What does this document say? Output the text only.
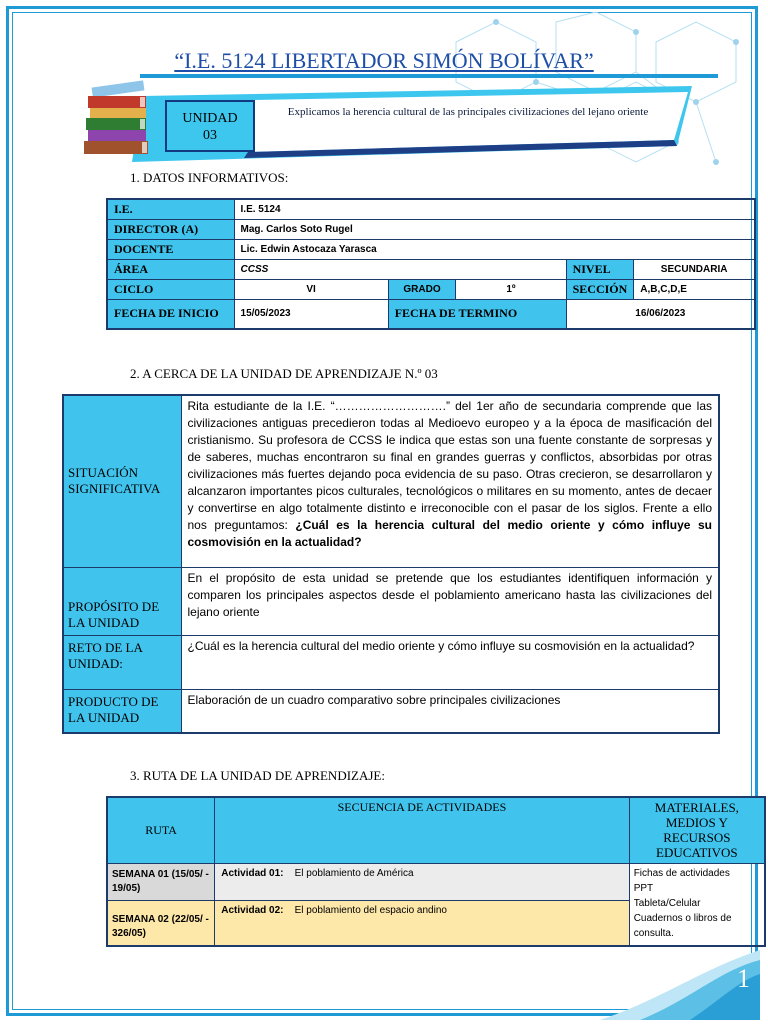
“I.E. 5124 LIBERTADOR SIMÓN BOLÍVAR”
UNIDAD
03
Explicamos la herencia cultural de las principales civilizaciones del lejano oriente
1. DATOS INFORMATIVOS:
I.E.	I.E. 5124				
DIRECTOR (A)	Mag. Carlos Soto Rugel				
DOCENTE	Lic. Edwin Astocaza Yarasca				
ÁREA	CCSS			NIVEL	SECUNDARIA
CICLO	VI	GRADO	1º	SECCIÓN	A,B,C,D,E
FECHA DE INICIO	15/05/2023	FECHA DE TERMINO		16/06/2023	
2. A CERCA DE LA UNIDAD DE APRENDIZAJE N.º 03
SITUACIÓN SIGNIFICATIVA	Rita estudiante de la I.E. “……………………….” del 1er año de secundaria comprende que las civilizaciones antiguas precedieron todas al Medioevo europeo y a la época de masificación del cristianismo. Su profesora de CCSS le indica que estas son una fuente constante de sorpresas y de saberes, muchas encontraron su final en grandes guerras y conflictos, absorbidas por otras civilizaciones más fuertes dejando poca evidencia de su paso. Otras crecieron, se desarrollaron y alcanzaron importantes picos culturales, tecnológicos o militares en su momento, antes de decaer y convertirse en algo totalmente distinto e irreconocible con el pasar de los siglos. Frente a ello nos preguntamos: ¿Cuál es la herencia cultural del medio oriente y cómo influye su cosmovisión en la actualidad?
PROPÓSITO DE LA UNIDAD	En el propósito de esta unidad se pretende que los estudiantes identifiquen información y comparen los principales aspectos desde el poblamiento americano hasta las civilizaciones del lejano oriente
RETO DE LA UNIDAD:	¿Cuál es la herencia cultural del medio oriente y cómo influye su cosmovisión en la actualidad?
PRODUCTO DE LA UNIDAD	Elaboración de un cuadro comparativo sobre principales civilizaciones
3. RUTA DE LA UNIDAD DE APRENDIZAJE:
RUTA	SECUENCIA DE ACTIVIDADES	MATERIALES, MEDIOS Y RECURSOS EDUCATIVOS
SEMANA 01 (15/05/ - 19/05)	Actividad 01: El poblamiento de América	Fichas de actividades
PPT
Tableta/Celular
Cuadernos o libros de consulta.

SEMANA 02 (22/05/ - 326/05)	Actividad 02: El poblamiento del espacio andino	
1
